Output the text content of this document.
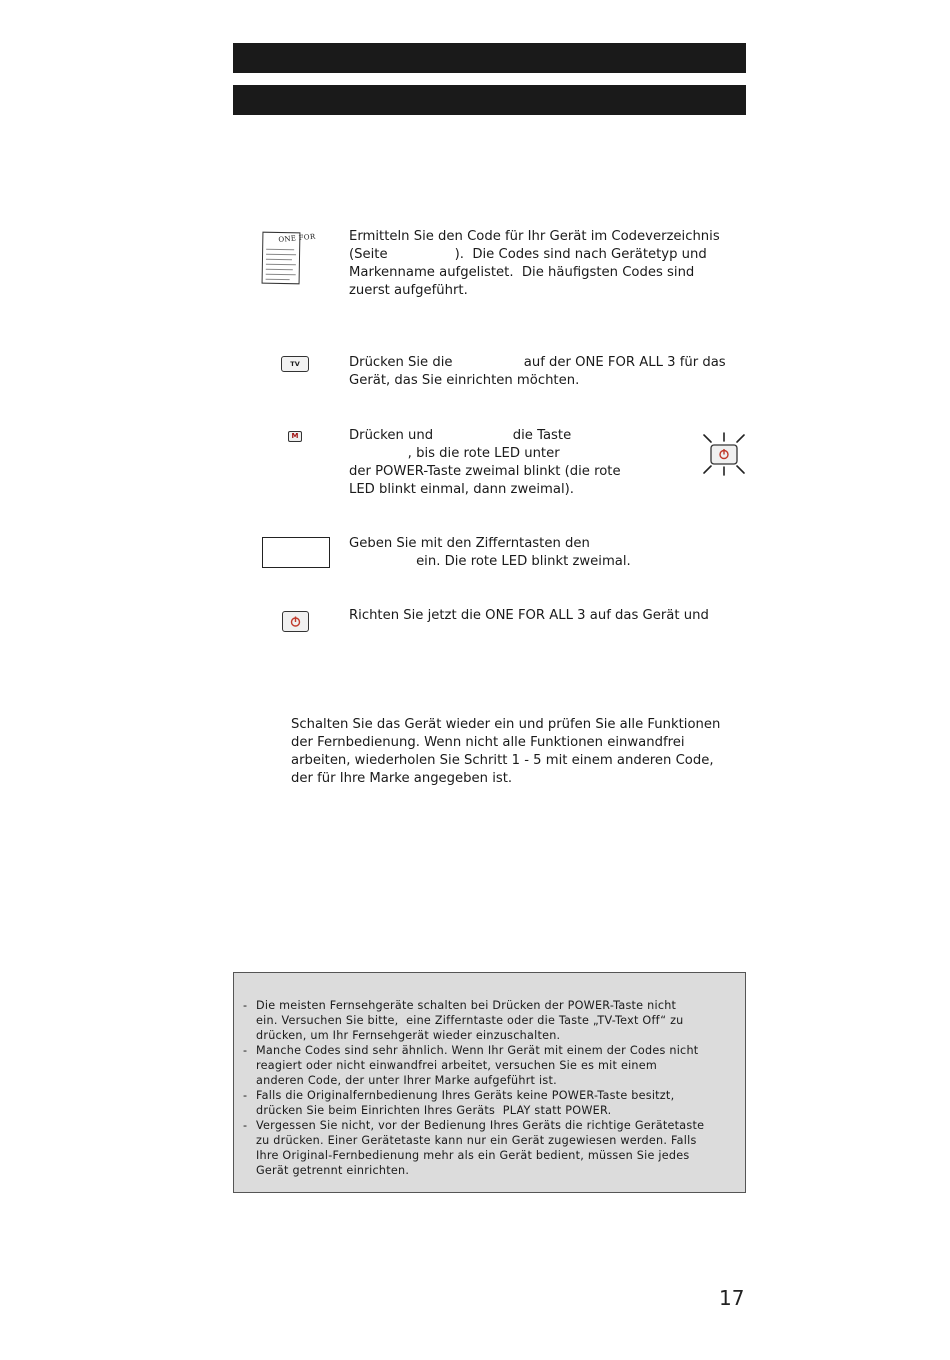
ONE FOR	Ermitteln Sie den Code für Ihr Gerät im Codeverzeichnis
(Seite                ).  Die Codes sind nach Gerätetyp und
Markenname aufgelistet.  Die häufigsten Codes sind
zuerst aufgeführt.

TV	Drücken Sie die                 auf der ONE FOR ALL 3 für das
Gerät, das Sie einrichten möchten.

M	Drücken und                   die Taste
, bis die rote LED unter
der POWER-Taste zweimal blinkt (die rote
LED blinkt einmal, dann zweimal).

Geben Sie mit den Zifferntasten den
ein. Die rote LED blinkt zweimal.

Richten Sie jetzt die ONE FOR ALL 3 auf das Gerät und

Schalten Sie das Gerät wieder ein und prüfen Sie alle Funktionen
der Fernbedienung. Wenn nicht alle Funktionen einwandfrei
arbeiten, wiederholen Sie Schritt 1 - 5 mit einem anderen Code,
der für Ihre Marke angegeben ist.

- Die meisten Fernsehgeräte schalten bei Drücken der POWER-Taste nicht
ein. Versuchen Sie bitte,  eine Zifferntaste oder die Taste „TV-Text Off“ zu
drücken, um Ihr Fernsehgerät wieder einzuschalten.
- Manche Codes sind sehr ähnlich. Wenn Ihr Gerät mit einem der Codes nicht
reagiert oder nicht einwandfrei arbeitet, versuchen Sie es mit einem
anderen Code, der unter Ihrer Marke aufgeführt ist.
- Falls die Originalfernbedienung Ihres Geräts keine POWER-Taste besitzt,
drücken Sie beim Einrichten Ihres Geräts  PLAY statt POWER.
- Vergessen Sie nicht, vor der Bedienung Ihres Geräts die richtige Gerätetaste
zu drücken. Einer Gerätetaste kann nur ein Gerät zugewiesen werden. Falls
Ihre Original-Fernbedienung mehr als ein Gerät bedient, müssen Sie jedes
Gerät getrennt einrichten.
17
